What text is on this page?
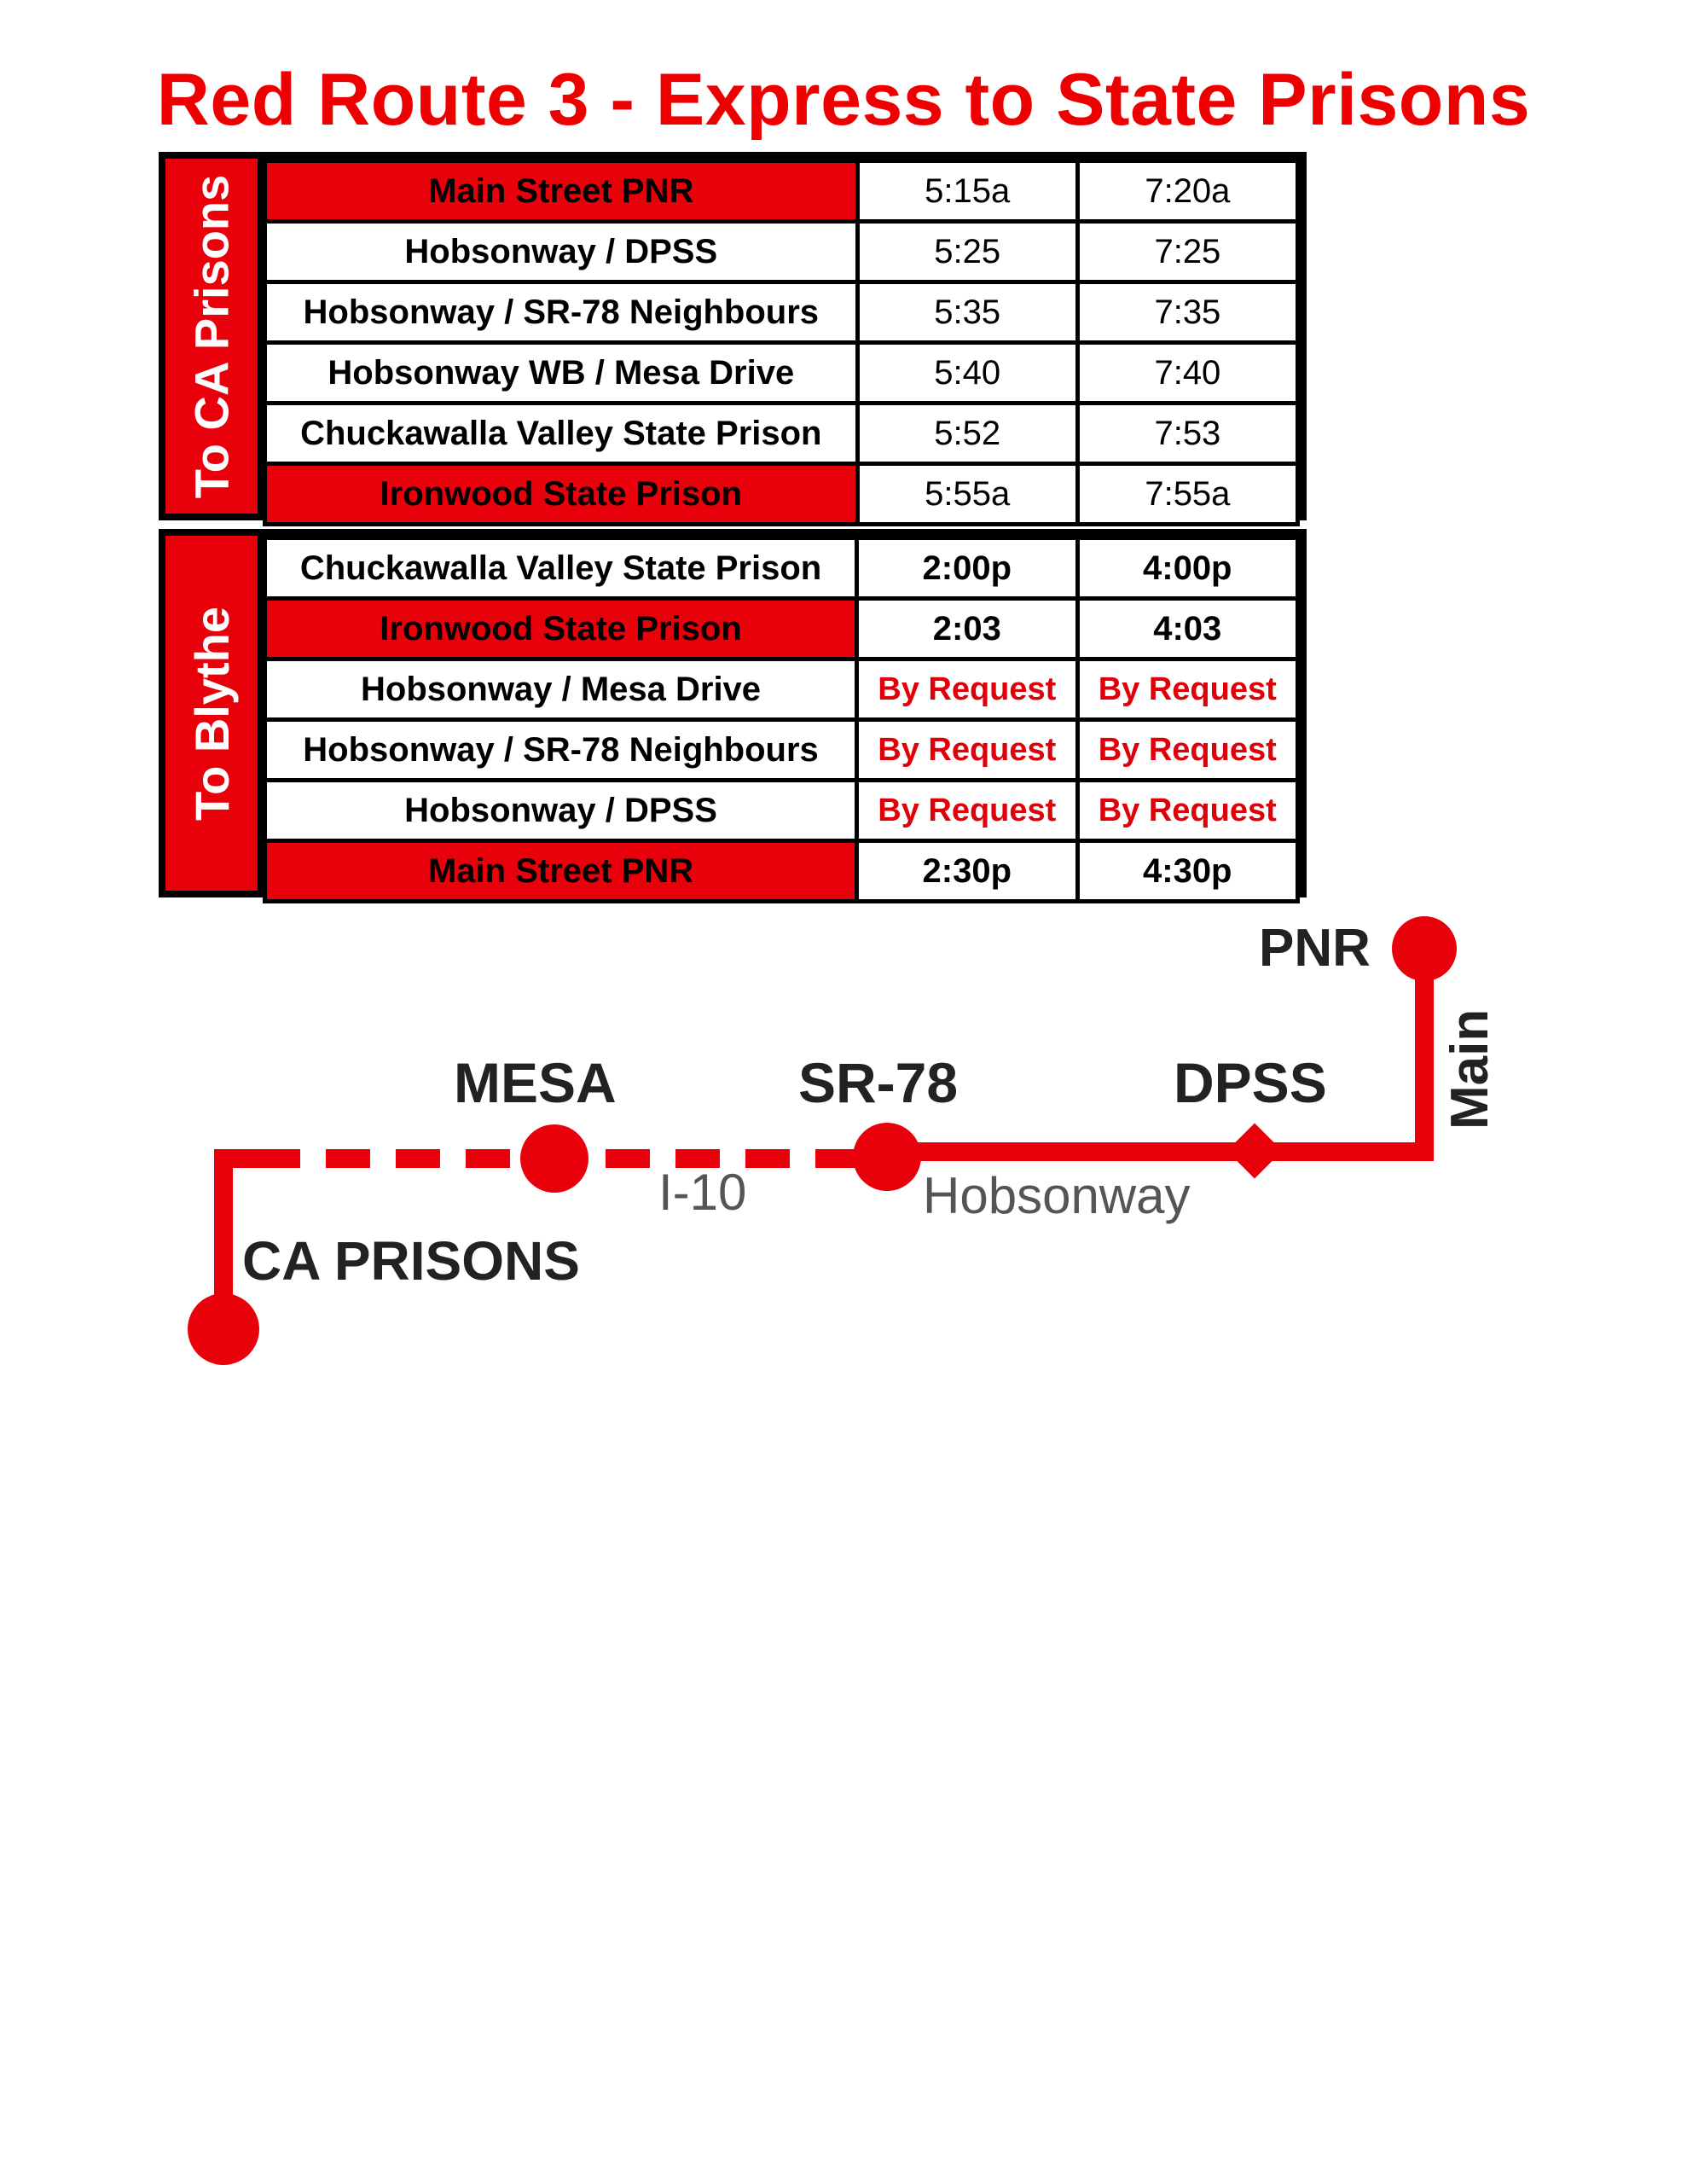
Red Route 3 - Express to State Prisons
To CA Prisons	Main Street PNR	5:15a	7:20a
Hobsonway / DPSS	5:25	7:25
Hobsonway / SR-78 Neighbours	5:35	7:35
Hobsonway WB / Mesa Drive	5:40	7:40
Chuckawalla Valley State Prison	5:52	7:53
Ironwood State Prison	5:55a	7:55a
To Blythe
Chuckawalla Valley State Prison	2:00p	4:00p
Ironwood State Prison	2:03	4:03
Hobsonway / Mesa Drive	By Request	By Request
Hobsonway / SR-78 Neighbours	By Request	By Request
Hobsonway / DPSS	By Request	By Request
Main Street PNR	2:30p	4:30p
PNR
MESA	SR-78	DPSS
CA PRISONS
Main
I-10	Hobsonway
